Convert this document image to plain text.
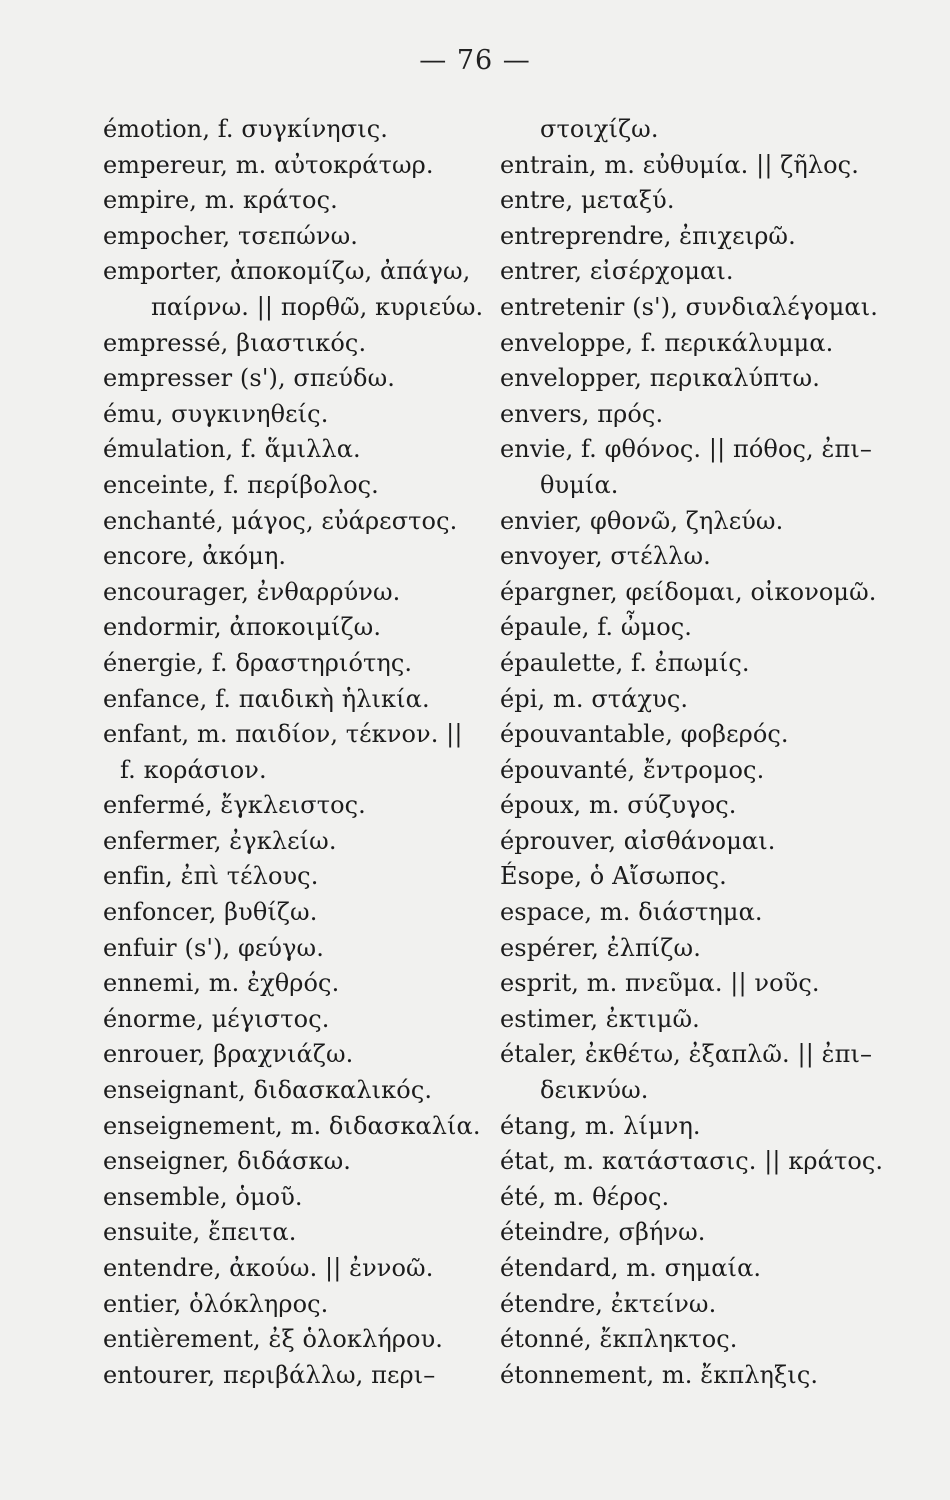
— 76 —
émotion, f. συγκίνησις.
empereur, m. αὐτοκράτωρ.
empire, m. κράτος.
empocher, τσεπώνω.
emporter, ἀποκομίζω, ἀπάγω,
παίρνω. || πορθῶ, κυριεύω.
empressé, βιαστικός.
empresser (s'), σπεύδω.
ému, συγκινηθείς.
émulation, f. ἅμιλλα.
enceinte, f. περίβολος.
enchanté, μάγος, εὐάρεστος.
encore, ἀκόμη.
encourager, ἐνθαρρύνω.
endormir, ἀποκοιμίζω.
énergie, f. δραστηριότης.
enfance, f. παιδικὴ ἡλικία.
enfant, m. παιδίον, τέκνον. ||
f. κοράσιον.
enfermé, ἔγκλειστος.
enfermer, ἐγκλείω.
enfin, ἐπὶ τέλους.
enfoncer, βυθίζω.
enfuir (s'), φεύγω.
ennemi, m. ἐχθρός.
énorme, μέγιστος.
enrouer, βραχνιάζω.
enseignant, διδασκαλικός.
enseignement, m. διδασκαλία.
enseigner, διδάσκω.
ensemble, ὁμοῦ.
ensuite, ἔπειτα.
entendre, ἀκούω. || ἐννοῶ.
entier, ὁλόκληρος.
entièrement, ἐξ ὁλοκλήρου.
entourer, περιβάλλω, περι–
στοιχίζω.
entrain, m. εὐθυμία. || ζῆλος.
entre, μεταξύ.
entreprendre, ἐπιχειρῶ.
entrer, εἰσέρχομαι.
entretenir (s'), συνδιαλέγομαι.
enveloppe, f. περικάλυμμα.
envelopper, περικαλύπτω.
envers, πρός.
envie, f. φθόνος. || πόθος, ἐπι–
θυμία.
envier, φθονῶ, ζηλεύω.
envoyer, στέλλω.
épargner, φείδομαι, οἰκονομῶ.
épaule, f. ὦμος.
épaulette, f. ἐπωμίς.
épi, m. στάχυς.
épouvantable, φοβερός.
épouvanté, ἔντρομος.
époux, m. σύζυγος.
éprouver, αἰσθάνομαι.
Ésope, ὁ Αἴσωπος.
espace, m. διάστημα.
espérer, ἐλπίζω.
esprit, m. πνεῦμα. || νοῦς.
estimer, ἐκτιμῶ.
étaler, ἐκθέτω, ἐξαπλῶ. || ἐπι–
δεικνύω.
étang, m. λίμνη.
état, m. κατάστασις. || κράτος.
été, m. θέρος.
éteindre, σβήνω.
étendard, m. σημαία.
étendre, ἐκτείνω.
étonné, ἔκπληκτος.
étonnement, m. ἔκπληξις.
